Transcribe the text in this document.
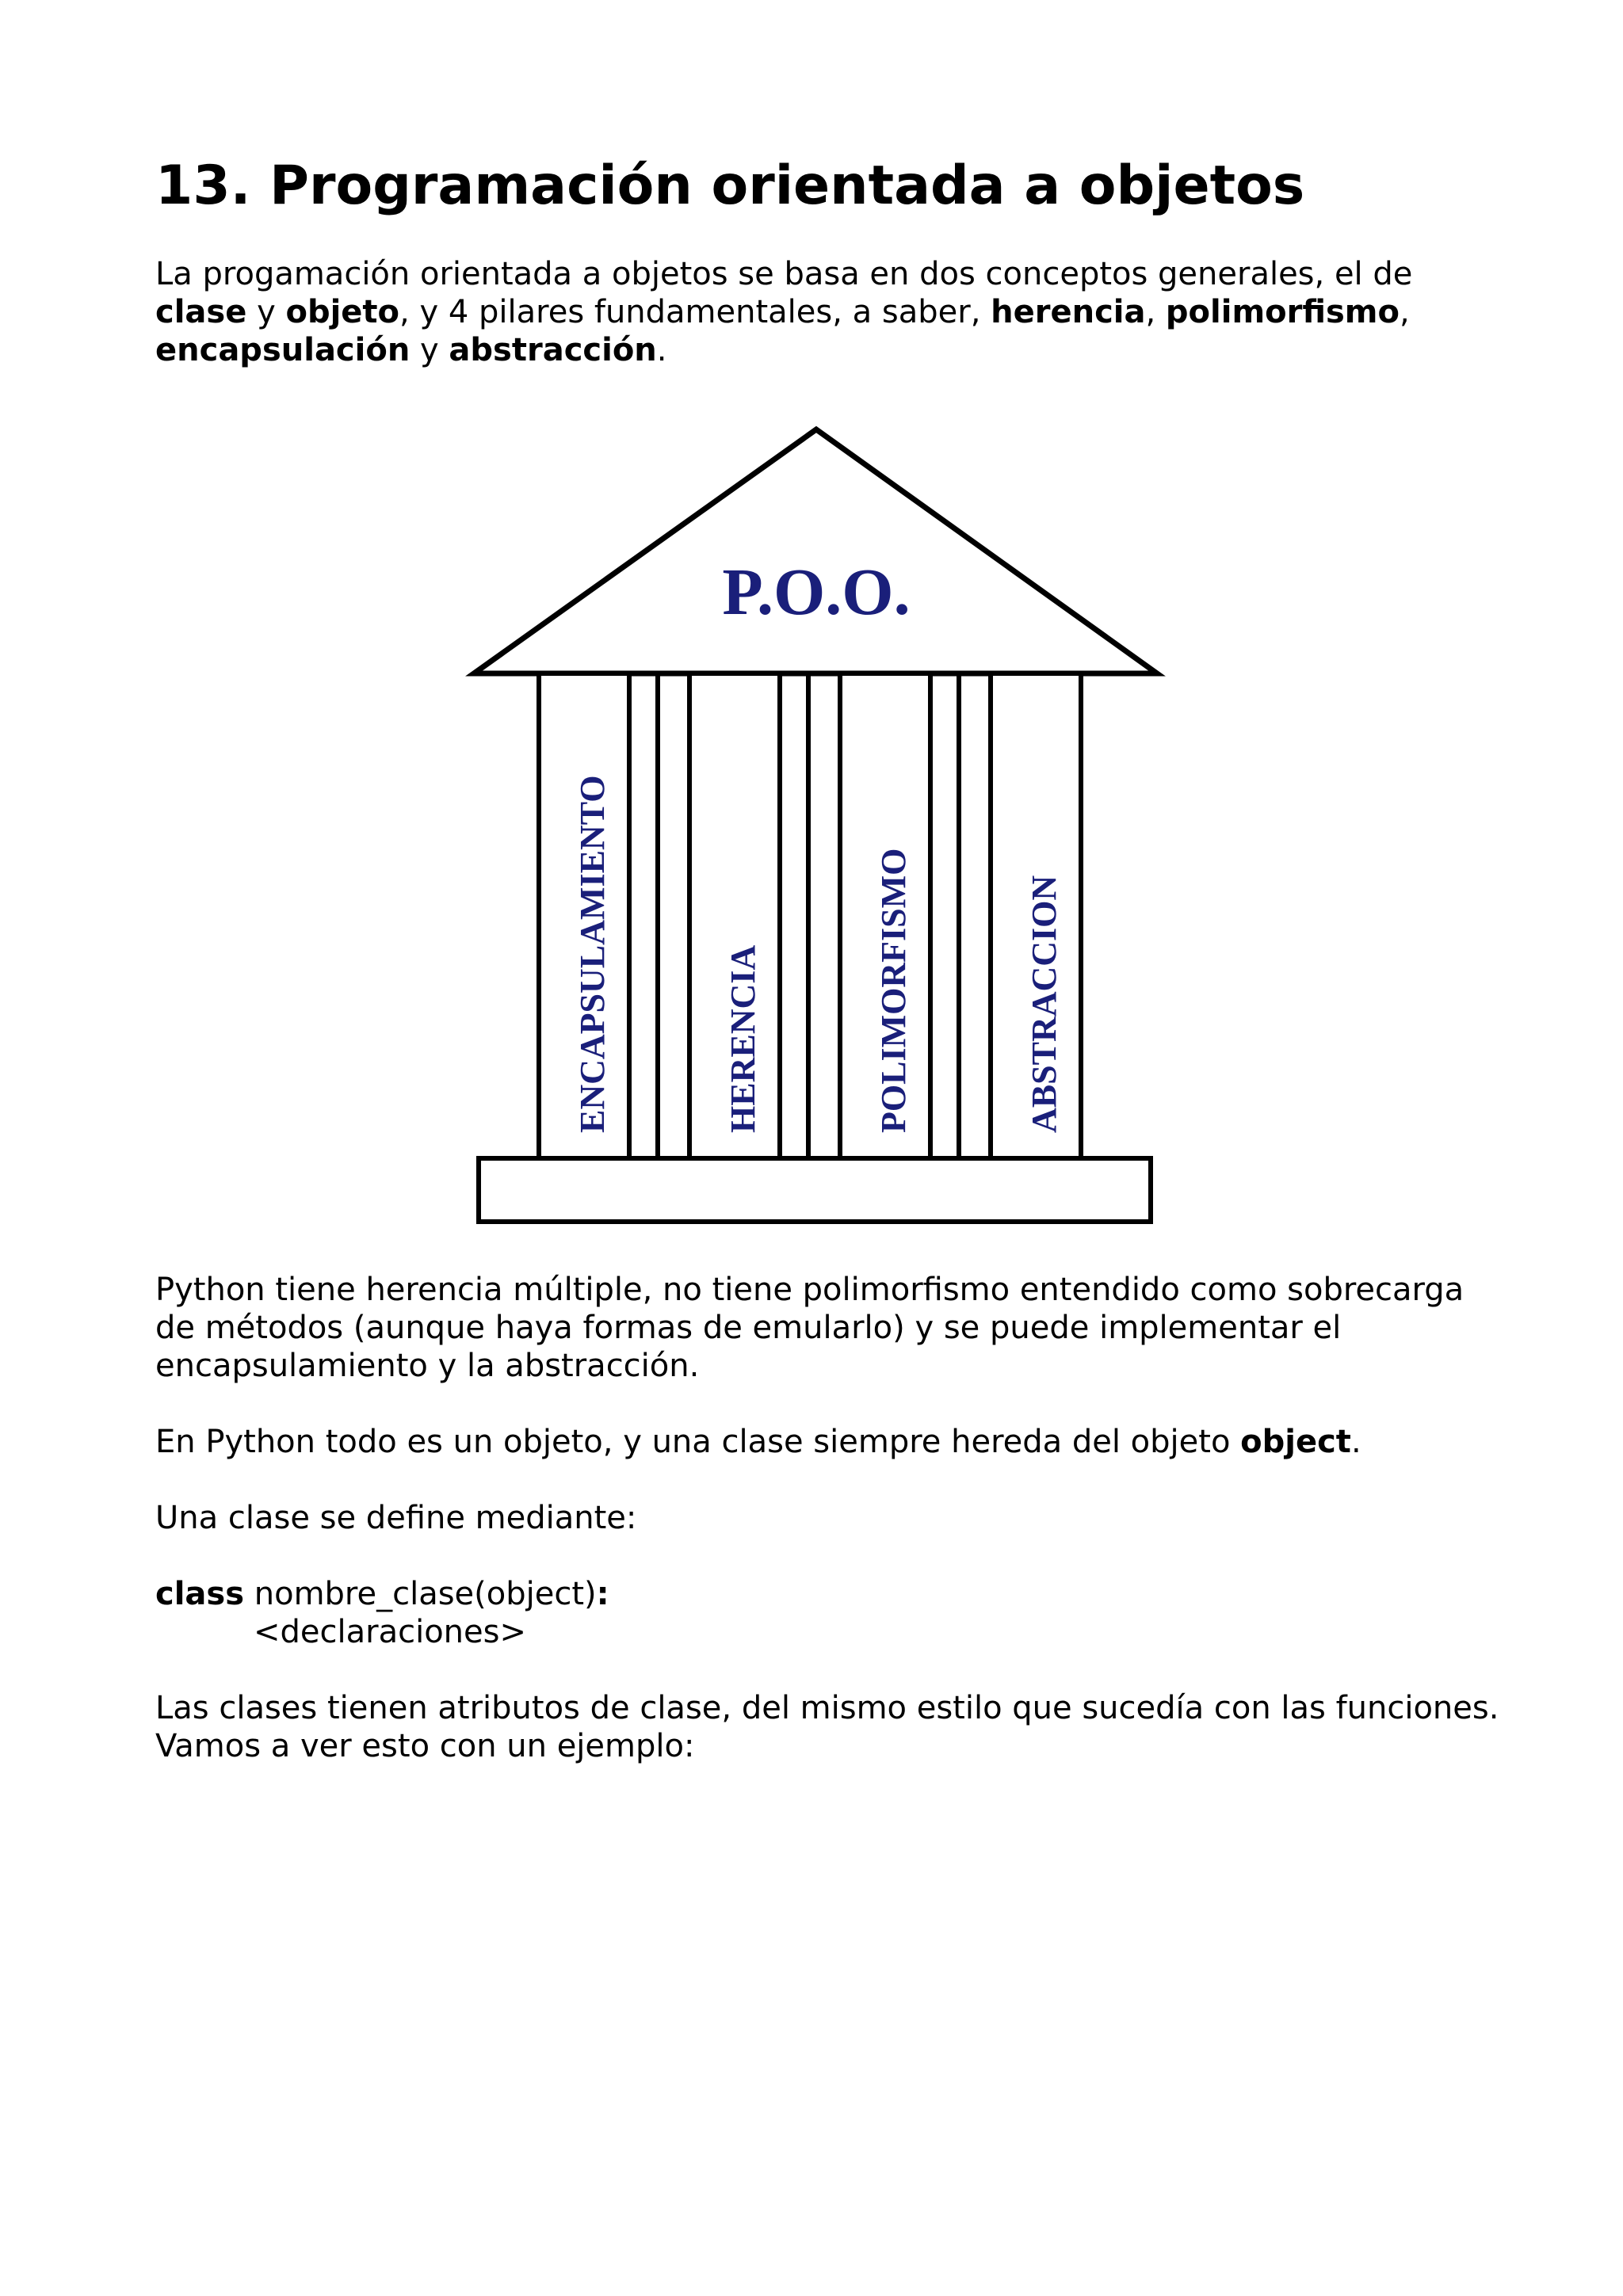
13. Programación orientada a objetos

La progamación orientada a objetos se basa en dos conceptos generales, el de clase y objeto, y 4 pilares fundamentales, a saber, herencia, polimorfismo, encapsulación y abstracción.

P.O.O.
ENCAPSULAMIENTO	HERENCIA	POLIMORFISMO	ABSTRACCION

Python tiene herencia múltiple, no tiene polimorfismo entendido como sobrecarga de métodos (aunque haya formas de emularlo) y se puede implementar el encapsulamiento y la abstracción.

En Python todo es un objeto, y una clase siempre hereda del objeto object.

Una clase se define mediante:

class nombre_clase(object):
<declaraciones>

Las clases tienen atributos de clase, del mismo estilo que sucedía con las funciones. Vamos a ver esto con un ejemplo:
